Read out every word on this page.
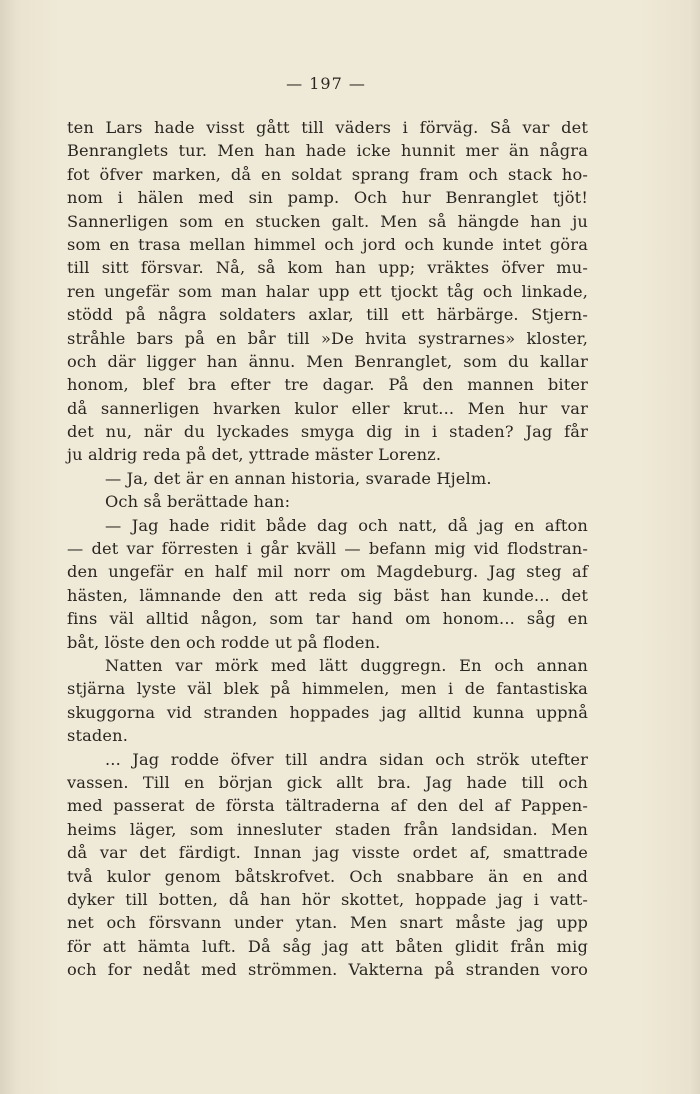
— 197 —
ten Lars hade visst gått till väders i förväg. Så var det
Benranglets tur. Men han hade icke hunnit mer än några
fot öfver marken, då en soldat sprang fram och stack ho-
nom i hälen med sin pamp. Och hur Benranglet tjöt!
Sannerligen som en stucken galt. Men så hängde han ju
som en trasa mellan himmel och jord och kunde intet göra
till sitt försvar. Nå, så kom han upp; vräktes öfver mu-
ren ungefär som man halar upp ett tjockt tåg och linkade,
stödd på några soldaters axlar, till ett härbärge. Stjern-
stråhle bars på en bår till »De hvita systrarnes» kloster,
och där ligger han ännu. Men Benranglet, som du kallar
honom, blef bra efter tre dagar. På den mannen biter
då sannerligen hvarken kulor eller krut... Men hur var
det nu, när du lyckades smyga dig in i staden? Jag får
ju aldrig reda på det, yttrade mäster Lorenz.
— Ja, det är en annan historia, svarade Hjelm.
Och så berättade han:
— Jag hade ridit både dag och natt, då jag en afton
— det var förresten i går kväll — befann mig vid flodstran-
den ungefär en half mil norr om Magdeburg. Jag steg af
hästen, lämnande den att reda sig bäst han kunde... det
fins väl alltid någon, som tar hand om honom... såg en
båt, löste den och rodde ut på floden.
Natten var mörk med lätt duggregn. En och annan
stjärna lyste väl blek på himmelen, men i de fantastiska
skuggorna vid stranden hoppades jag alltid kunna uppnå
staden.
... Jag rodde öfver till andra sidan och strök utefter
vassen. Till en början gick allt bra. Jag hade till och
med passerat de första tältraderna af den del af Pappen-
heims läger, som innesluter staden från landsidan. Men
då var det färdigt. Innan jag visste ordet af, smattrade
två kulor genom båtskrofvet. Och snabbare än en and
dyker till botten, då han hör skottet, hoppade jag i vatt-
net och försvann under ytan. Men snart måste jag upp
för att hämta luft. Då såg jag att båten glidit från mig
och for nedåt med strömmen. Vakterna på stranden voro
